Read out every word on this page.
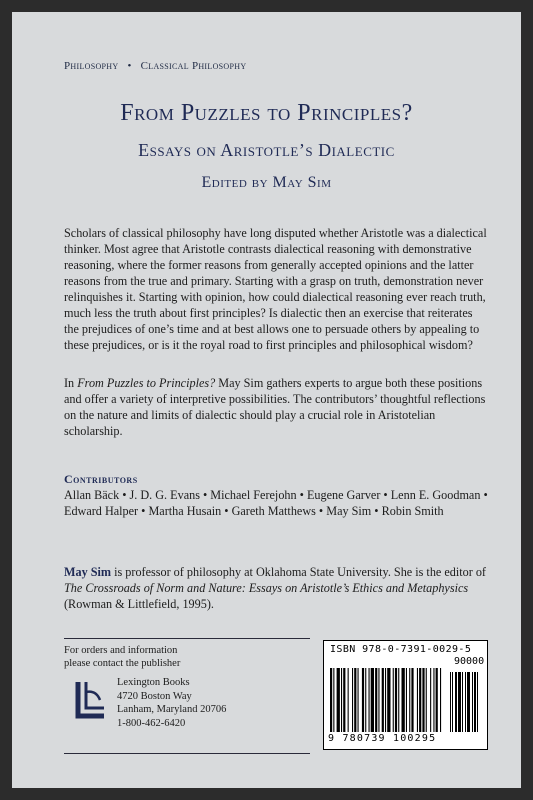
Philosophy • Classical Philosophy
From Puzzles to Principles?
Essays on Aristotle’s Dialectic
Edited by May Sim

Scholars of classical philosophy have long disputed whether Aristotle was a dialectical thinker. Most agree that Aristotle contrasts dialectical reasoning with demonstrative reasoning, where the former reasons from generally accepted opinions and the latter reasons from the true and primary. Starting with a grasp on truth, demonstration never relinquishes it. Starting with opinion, how could dialectical reasoning ever reach truth, much less the truth about first principles? Is dialectic then an exercise that reiterates the prejudices of one’s time and at best allows one to persuade others by appealing to these prejudices, or is it the royal road to first principles and philosophical wisdom?

In From Puzzles to Principles? May Sim gathers experts to argue both these positions and offer a variety of interpretive possibilities. The contributors’ thoughtful reflections on the nature and limits of dialectic should play a crucial role in Aristotelian scholarship.

Contributors
Allan Bäck • J. D. G. Evans • Michael Ferejohn • Eugene Garver • Lenn E. Goodman • Edward Halper • Martha Husain • Gareth Matthews • May Sim • Robin Smith
May Sim is professor of philosophy at Oklahoma State University. She is the editor of The Crossroads of Norm and Nature: Essays on Aristotle’s Ethics and Metaphysics (Rowman & Littlefield, 1995).
For orders and information
please contact the publisher
Lexington Books
4720 Boston Way
Lanham, Maryland 20706
1-800-462-6420
ISBN 978-0-7391-0029-5
90000
9 780739 100295
